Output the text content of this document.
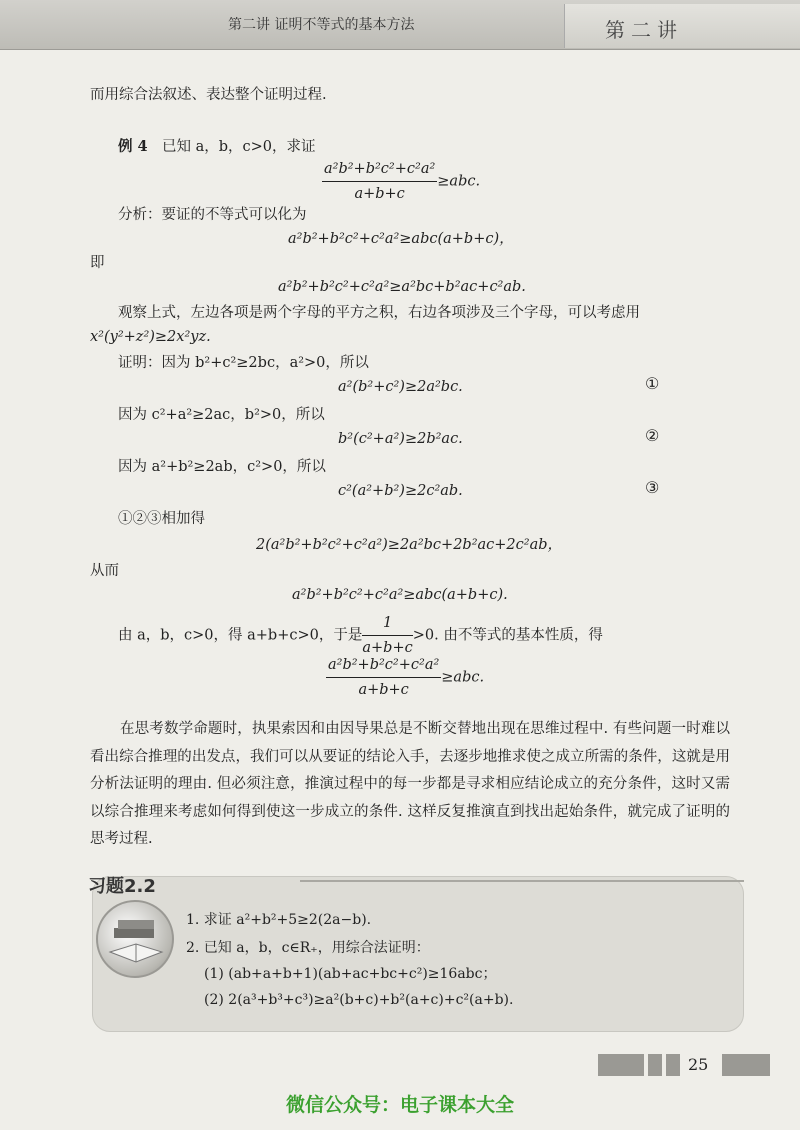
第二讲 证明不等式的基本方法	第二讲
而用综合法叙述、表达整个证明过程.
例 4 已知 a，b，c>0，求证
$\frac{\text{a²b²+b²c²+c²a²}}{a+b+c} \ge abc$.
分析：要证的不等式可以化为
a²b²+b²c²+c²a²≥abc(a+b+c)，
即
a²b²+b²c²+c²a²≥a²bc+b²ac+c²ab.
观察上式，左边各项是两个字母的平方之积，右边各项涉及三个字母，可以考虑用
x²(y²+z²)≥2x²yz.
证明：因为 b²+c²≥2bc，a²>0，所以
a²(b²+c²)≥2a²bc.	①
因为 c²+a²≥2ac，b²>0，所以
b²(c²+a²)≥2b²ac.	②
因为 a²+b²≥2ab，c²>0，所以
c²(a²+b²)≥2c²ab.	③
①②③相加得
2(a²b²+b²c²+c²a²)≥2a²bc+2b²ac+2c²ab，
从而
a²b²+b²c²+c²a²≥abc(a+b+c).
由 a，b，c>0，得 a+b+c>0，于是 $\frac{1}{a+b+c} >0$. 由不等式的基本性质，得
$\frac{\text{a²b²+b²c²+c²a²}}{a+b+c} \ge abc$.
在思考数学命题时，执果索因和由因导果总是不断交替地出现在思维过程中. 有些问题一时难以看出综合推理的出发点，我们可以从要证的结论入手，去逐步地推求使之成立所需的条件，这就是用分析法证明的理由. 但必须注意，推演过程中的每一步都是寻求相应结论成立的充分条件，这时又需以综合推理来考虑如何得到使这一步成立的条件. 这样反复推演直到找出起始条件，就完成了证明的思考过程.
习题2.2
1. 求证 a²+b²+5≥2(2a−b).
2. 已知 a，b，c∈R₊，用综合法证明：
(1) (ab+a+b+1)(ab+ac+bc+c²)≥16abc；
(2) 2(a³+b³+c³)≥a²(b+c)+b²(a+c)+c²(a+b).
25
微信公众号：电子课本大全
